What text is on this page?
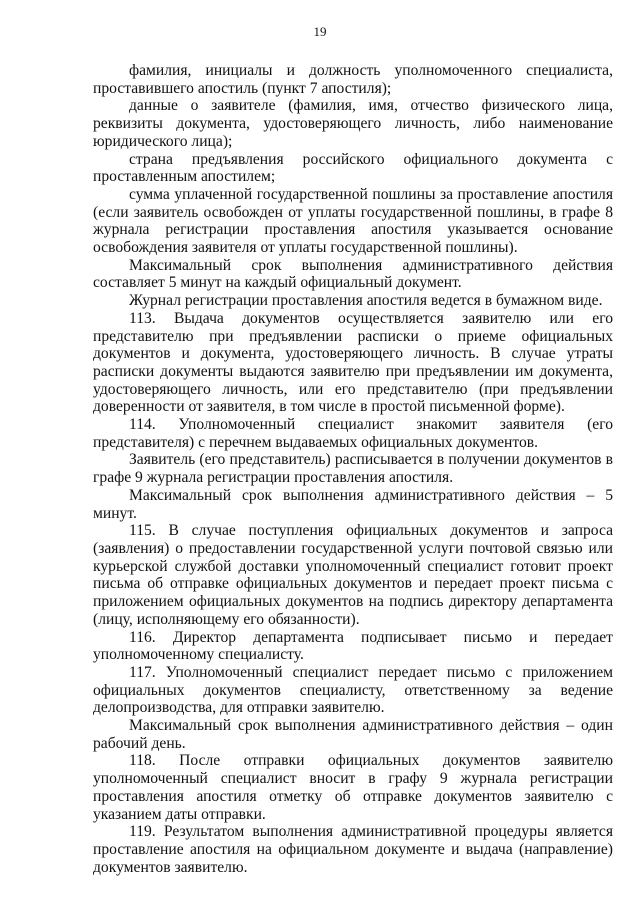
19

фамилия, инициалы и должность уполномоченного специалиста, проставившего апостиль (пункт 7 апостиля);

данные о заявителе (фамилия, имя, отчество физического лица, реквизиты документа, удостоверяющего личность, либо наименование юридического лица);

страна предъявления российского официального документа с проставленным апостилем;

сумма уплаченной государственной пошлины за проставление апостиля (если заявитель освобожден от уплаты государственной пошлины, в графе 8 журнала регистрации проставления апостиля указывается основание освобождения заявителя от уплаты государственной пошлины).

Максимальный срок выполнения административного действия составляет 5 минут на каждый официальный документ.

Журнал регистрации проставления апостиля ведется в бумажном виде.

113. Выдача документов осуществляется заявителю или его представителю при предъявлении расписки о приеме официальных документов и документа, удостоверяющего личность. В случае утраты расписки документы выдаются заявителю при предъявлении им документа, удостоверяющего личность, или его представителю (при предъявлении доверенности от заявителя, в том числе в простой письменной форме).

114. Уполномоченный специалист знакомит заявителя (его представителя) с перечнем выдаваемых официальных документов.

Заявитель (его представитель) расписывается в получении документов в графе 9 журнала регистрации проставления апостиля.

Максимальный срок выполнения административного действия – 5 минут.

115. В случае поступления официальных документов и запроса (заявления) о предоставлении государственной услуги почтовой связью или курьерской службой доставки уполномоченный специалист готовит проект письма об отправке официальных документов и передает проект письма с приложением официальных документов на подпись директору департамента (лицу, исполняющему его обязанности).

116. Директор департамента подписывает письмо и передает уполномоченному специалисту.

117. Уполномоченный специалист передает письмо с приложением официальных документов специалисту, ответственному за ведение делопроизводства, для отправки заявителю.

Максимальный срок выполнения административного действия – один рабочий день.

118. После отправки официальных документов заявителю уполномоченный специалист вносит в графу 9 журнала регистрации проставления апостиля отметку об отправке документов заявителю с указанием даты отправки.

119. Результатом выполнения административной процедуры является проставление апостиля на официальном документе и выдача (направление) документов заявителю.
